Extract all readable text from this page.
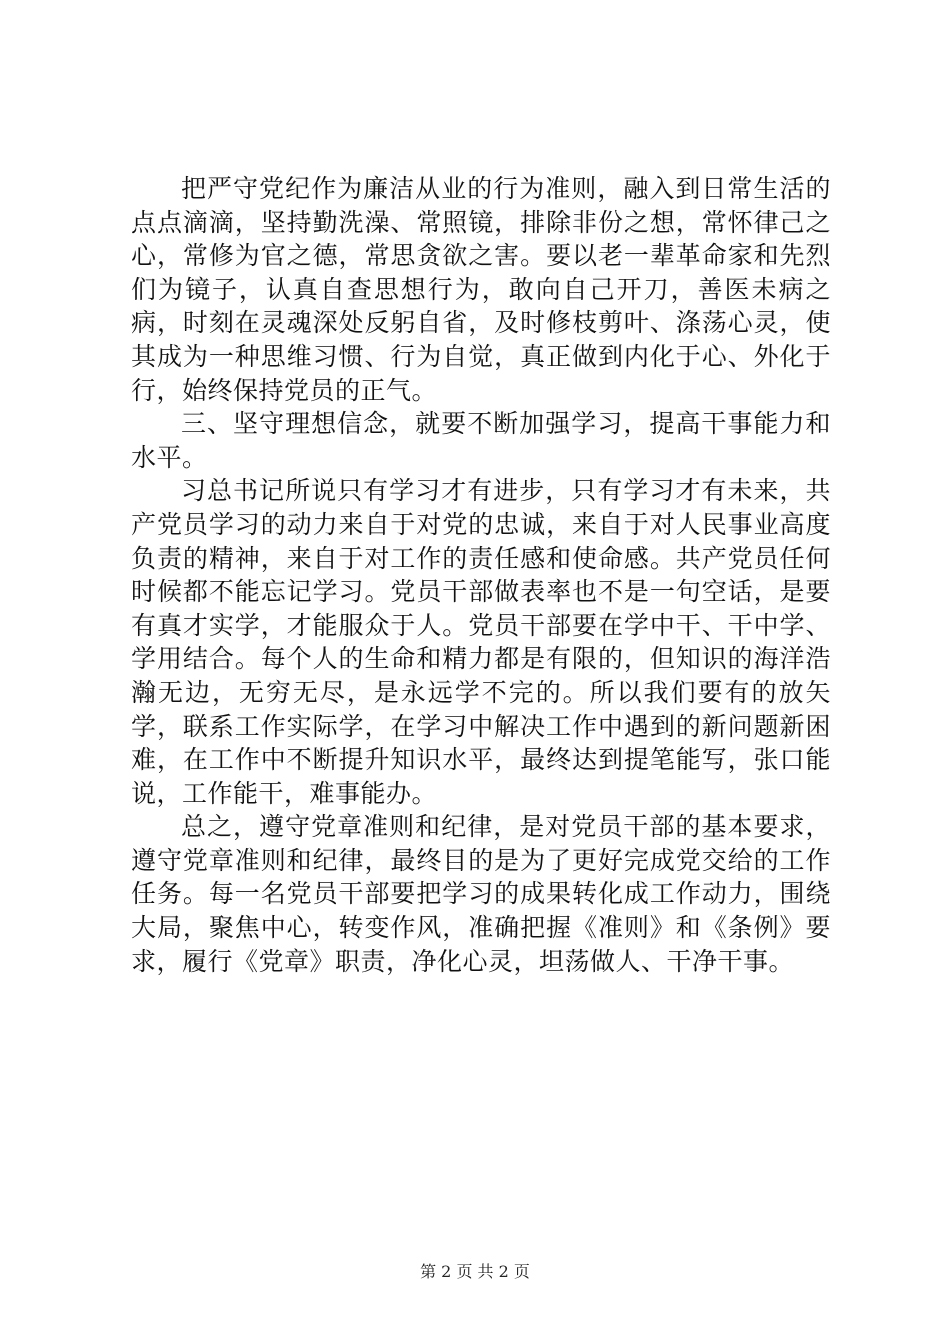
把严守党纪作为廉洁从业的行为准则，融入到日常生活的点点滴滴，坚持勤洗澡、常照镜，排除非份之想，常怀律己之心，常修为官之德，常思贪欲之害。要以老一辈革命家和先烈们为镜子，认真自查思想行为，敢向自己开刀，善医未病之病，时刻在灵魂深处反躬自省，及时修枝剪叶、涤荡心灵，使其成为一种思维习惯、行为自觉，真正做到内化于心、外化于行，始终保持党员的正气。

三、坚守理想信念，就要不断加强学习，提高干事能力和水平。

习总书记所说只有学习才有进步，只有学习才有未来，共产党员学习的动力来自于对党的忠诚，来自于对人民事业高度负责的精神，来自于对工作的责任感和使命感。共产党员任何时候都不能忘记学习。党员干部做表率也不是一句空话，是要有真才实学，才能服众于人。党员干部要在学中干、干中学、学用结合。每个人的生命和精力都是有限的，但知识的海洋浩瀚无边，无穷无尽，是永远学不完的。所以我们要有的放矢学，联系工作实际学，在学习中解决工作中遇到的新问题新困难，在工作中不断提升知识水平，最终达到提笔能写，张口能说，工作能干，难事能办。

总之，遵守党章准则和纪律，是对党员干部的基本要求，遵守党章准则和纪律，最终目的是为了更好完成党交给的工作任务。每一名党员干部要把学习的成果转化成工作动力，围绕大局，聚焦中心，转变作风，准确把握《准则》和《条例》要求，履行《党章》职责，净化心灵，坦荡做人、干净干事。

第 2 页 共 2 页
